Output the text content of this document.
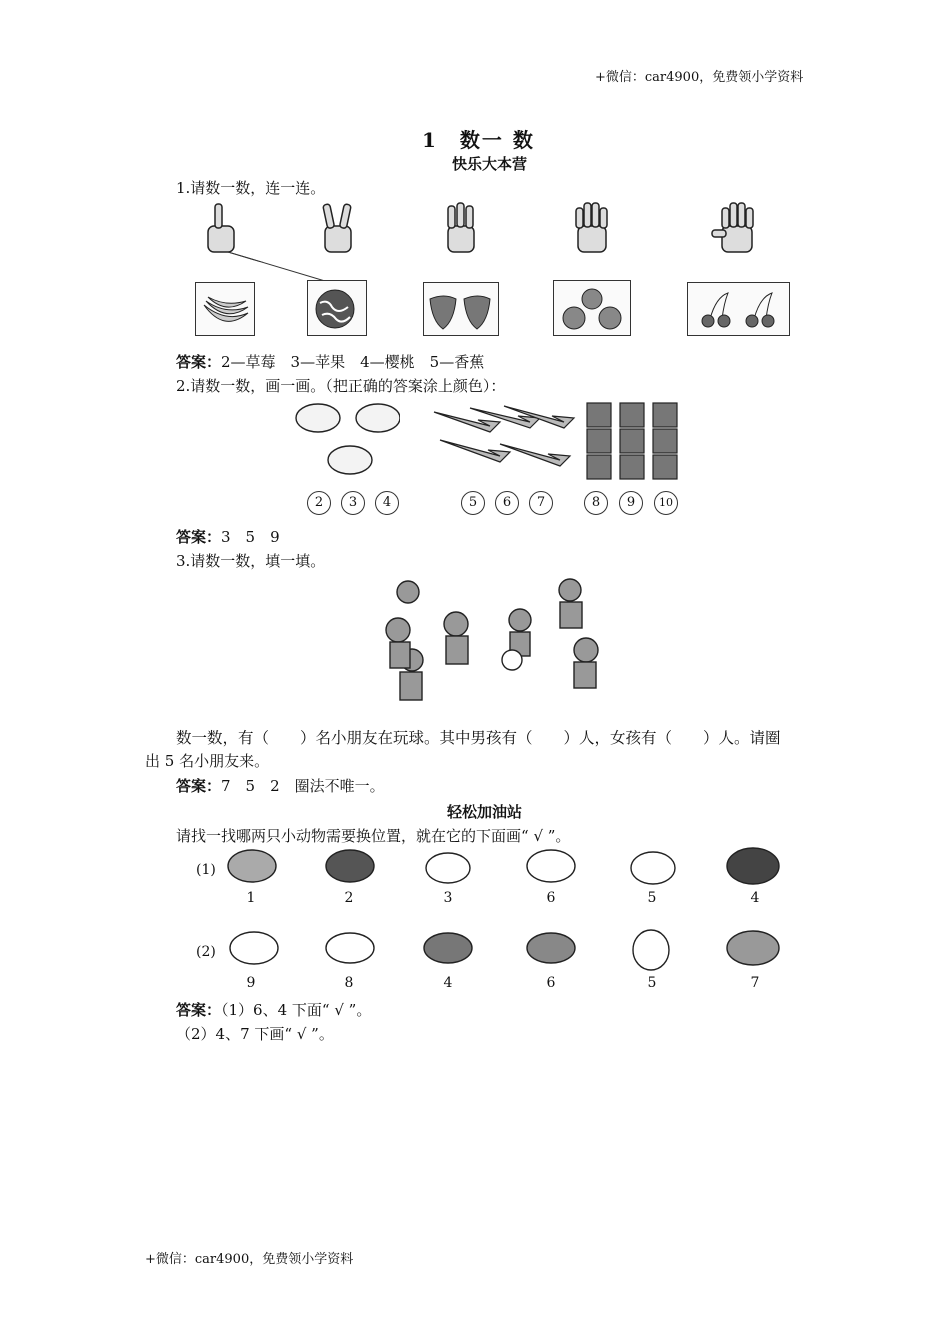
+微信：car4900，免费领小学资料
1　数一 数
快乐大本营
1.请数一数，连一连。
答案：2—草莓　3—苹果　4—樱桃　5—香蕉
2.请数一数，画一画。（把正确的答案涂上颜色）：
2	3	4	5	6	7	8	9	10
答案：3　5　9
3.请数一数，填一填。
数一数，有（　　）名小朋友在玩球。其中男孩有（　　）人，女孩有（　　）人。请圈
出 5 名小朋友来。
答案：7　5　2　圈法不唯一。
轻松加油站
请找一找哪两只小动物需要换位置，就在它的下面画“ √ ”。
(1)
1	2	3	6	5	4
(2)
9	8	4	6	5	7
答案：（1）6、4 下面“ √ ”。
（2）4、7 下画“ √ ”。
+微信：car4900，免费领小学资料
